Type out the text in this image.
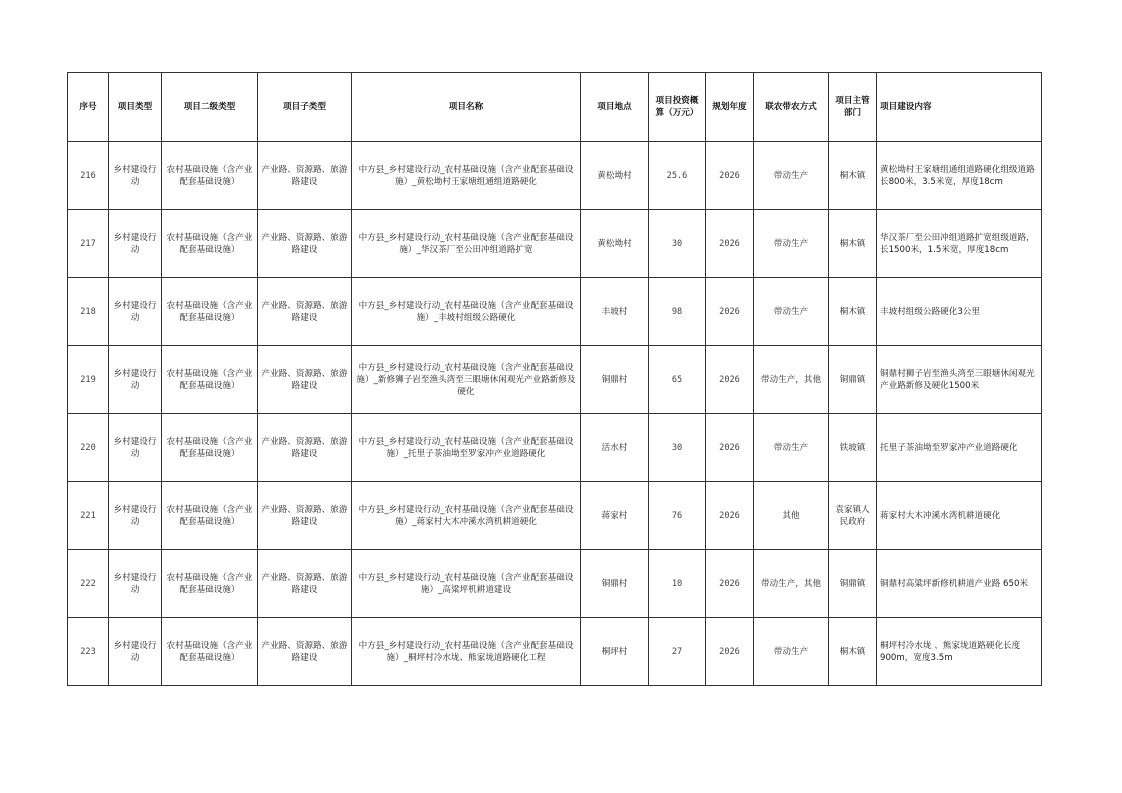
序号	项目类型	项目二级类型	项目子类型	项目名称	项目地点	项目投资概算（万元）	规划年度	联农带农方式	项目主管部门	项目建设内容
216	乡村建设行动	农村基础设施（含产业配套基础设施）	产业路、资源路、旅游路建设	中方县_乡村建设行动_农村基础设施（含产业配套基础设施）_黄松坳村王家塘组通组道路硬化	黄松坳村	25.6	2026	带动生产	桐木镇	黄松坳村王家塘组通组道路硬化组级道路长800米，3.5米宽，厚度18cm
217	乡村建设行动	农村基础设施（含产业配套基础设施）	产业路、资源路、旅游路建设	中方县_乡村建设行动_农村基础设施（含产业配套基础设施）_华汉茶厂至公田冲组道路扩宽	黄松坳村	30	2026	带动生产	桐木镇	华汉茶厂至公田冲组道路扩宽组级道路，长1500米，1.5米宽，厚度18cm
218	乡村建设行动	农村基础设施（含产业配套基础设施）	产业路、资源路、旅游路建设	中方县_乡村建设行动_农村基础设施（含产业配套基础设施）_丰坡村组级公路硬化	丰坡村	98	2026	带动生产	桐木镇	丰坡村组级公路硬化3公里
219	乡村建设行动	农村基础设施（含产业配套基础设施）	产业路、资源路、旅游路建设	中方县_乡村建设行动_农村基础设施（含产业配套基础设施）_新修狮子岩至渔头湾至三眼塘休闲观光产业路新修及硬化	铜鼎村	65	2026	带动生产，其他	铜鼎镇	铜鼎村狮子岩至渔头湾至三眼塘休闲观光产业路新修及硬化1500米
220	乡村建设行动	农村基础设施（含产业配套基础设施）	产业路、资源路、旅游路建设	中方县_乡村建设行动_农村基础设施（含产业配套基础设施）_托里子茶油坳至罗家冲产业道路硬化	活水村	30	2026	带动生产	铁坡镇	托里子茶油坳至罗家冲产业道路硬化
221	乡村建设行动	农村基础设施（含产业配套基础设施）	产业路、资源路、旅游路建设	中方县_乡村建设行动_农村基础设施（含产业配套基础设施）_蒋家村大木冲溪水湾机耕道硬化	蒋家村	76	2026	其他	袁家镇人民政府	蒋家村大木冲溪水湾机耕道硬化
222	乡村建设行动	农村基础设施（含产业配套基础设施）	产业路、资源路、旅游路建设	中方县_乡村建设行动_农村基础设施（含产业配套基础设施）_高粱坪机耕道建设	铜鼎村	10	2026	带动生产，其他	铜鼎镇	铜鼎村高粱坪新修机耕道产业路 650米
223	乡村建设行动	农村基础设施（含产业配套基础设施）	产业路、资源路、旅游路建设	中方县_乡村建设行动_农村基础设施（含产业配套基础设施）_桐坪村冷水垅、熊家垅道路硬化工程	桐坪村	27	2026	带动生产	桐木镇	桐坪村冷水垅 、熊家垅道路硬化长度900m，宽度3.5m
